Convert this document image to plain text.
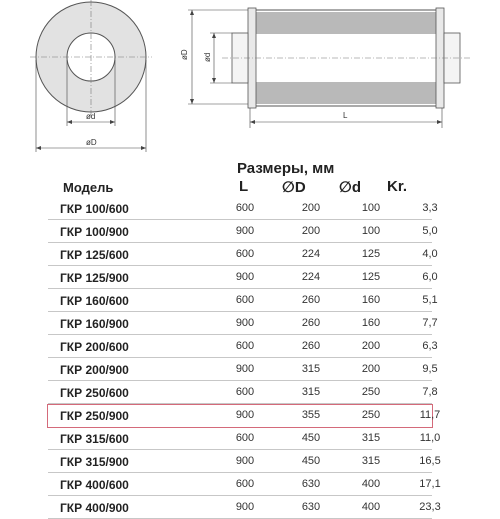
ød
øD
øD ød
L
Размеры, мм
Модель	L ∅D ∅d Kr.
ГКР 100/600	600	200	100	3,3
ГКР 100/900	900	200	100	5,0
ГКР 125/600	600	224	125	4,0
ГКР 125/900	900	224	125	6,0
ГКР 160/600	600	260	160	5,1
ГКР 160/900	900	260	160	7,7
ГКР 200/600	600	260	200	6,3
ГКР 200/900	900	315	200	9,5
ГКР 250/600	600	315	250	7,8
ГКР 250/900	900	355	250	11,7
ГКР 315/600	600	450	315	11,0
ГКР 315/900	900	450	315	16,5
ГКР 400/600	600	630	400	17,1
ГКР 400/900	900	630	400	23,3
